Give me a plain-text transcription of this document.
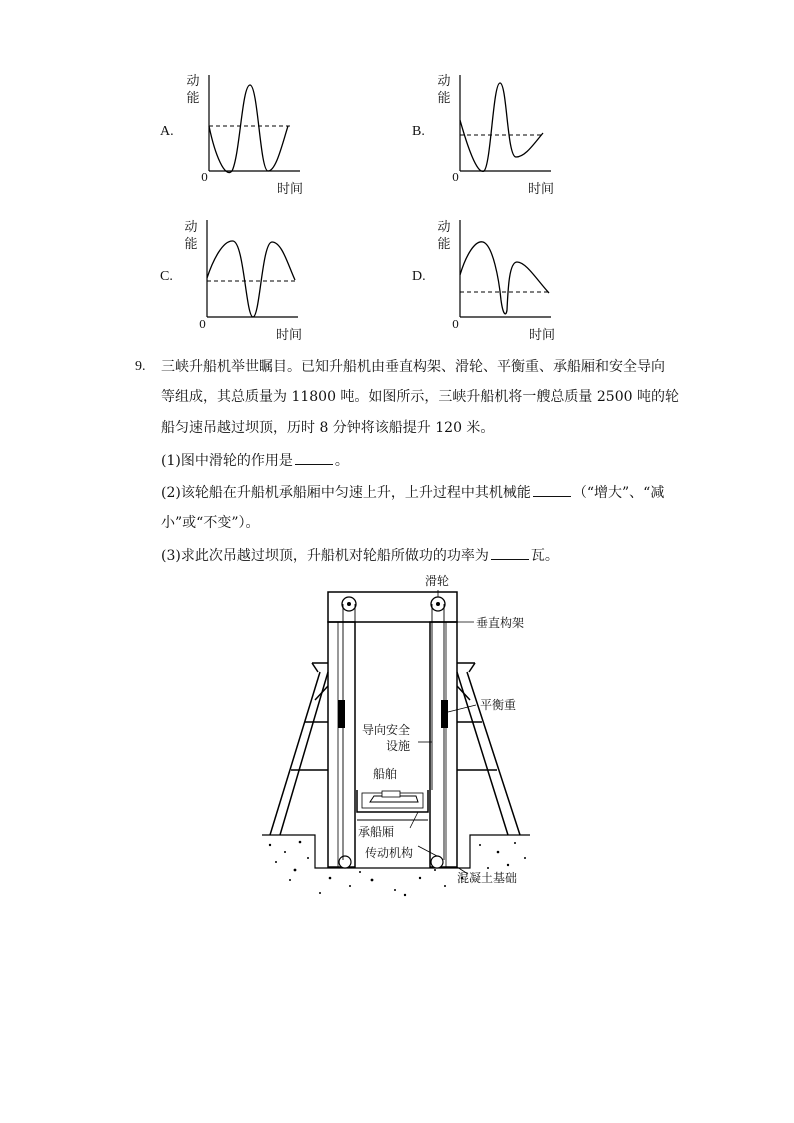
A.
动
能
0
时间
B.
动
能
0
时间
C.
动
能
0
时间
D.
动
能
0
时间
9. 三峡升船机举世瞩目。已知升船机由垂直构架、滑轮、平衡重、承船厢和安全导向
等组成，其总质量为 11800 吨。如图所示，三峡升船机将一艘总质量 2500 吨的轮
船匀速吊越过坝顶，历时 8 分钟将该船提升 120 米。
(1)图中滑轮的作用是	。
(2)该轮船在升船机承船厢中匀速上升，上升过程中其机械能	（“增大”、“减
小”或“不变”）。
(3)求此次吊越过坝顶，升船机对轮船所做功的功率为	瓦。
滑轮
垂直构架
平衡重
导向安全
设施
船舶
承船厢
传动机构
混凝土基础
